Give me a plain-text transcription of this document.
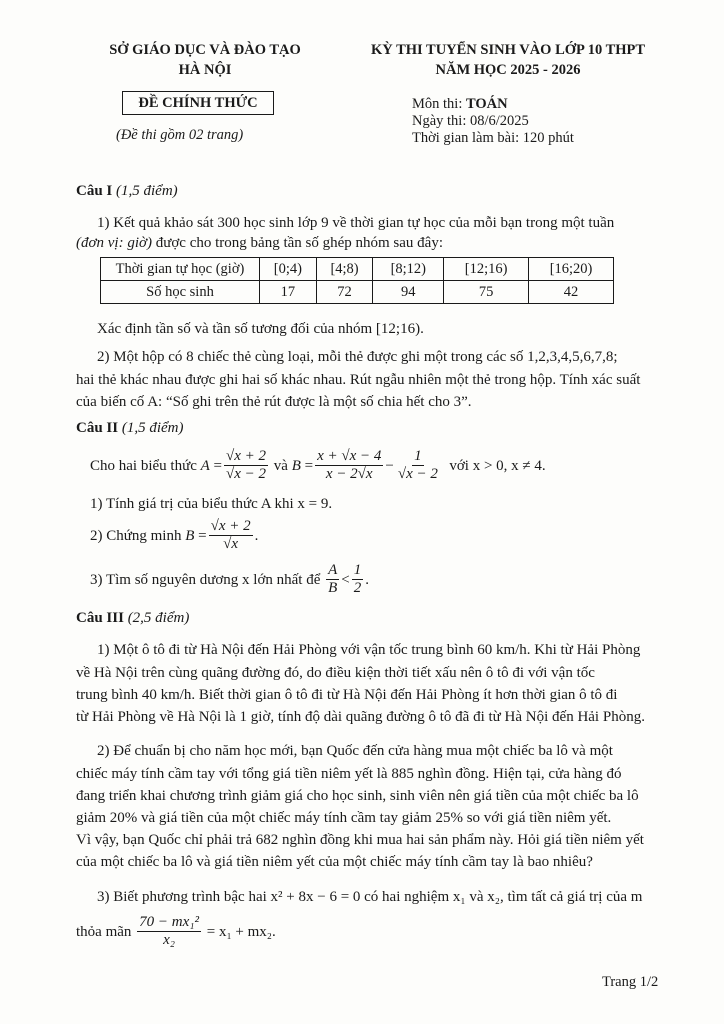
SỞ GIÁO DỤC VÀ ĐÀO TẠO
HÀ NỘI
KỲ THI TUYỂN SINH VÀO LỚP 10 THPT
NĂM HỌC 2025 - 2026
ĐỀ CHÍNH THỨC
(Đề thi gồm 02 trang)
Môn thi: TOÁN
Ngày thi: 08/6/2025
Thời gian làm bài: 120 phút
Câu I (1,5 điểm)
1) Kết quả khảo sát 300 học sinh lớp 9 về thời gian tự học của mỗi bạn trong một tuần
(đơn vị: giờ) được cho trong bảng tần số ghép nhóm sau đây:
Thời gian tự học (giờ)	[0;4)	[4;8)	[8;12)	[12;16)	[16;20)
Số học sinh	17	72	94	75	42
Xác định tần số và tần số tương đối của nhóm [12;16).
2) Một hộp có 8 chiếc thẻ cùng loại, mỗi thẻ được ghi một trong các số 1,2,3,4,5,6,7,8;
hai thẻ khác nhau được ghi hai số khác nhau. Rút ngẫu nhiên một thẻ trong hộp. Tính xác suất
của biến cố A: “Số ghi trên thẻ rút được là một số chia hết cho 3”.
Câu II (1,5 điểm)
Cho hai biểu thức
$A = \frac{√x + 2}{√x - 2}$
và
$B = \frac{x + √x - 4}{x - 2√x} - \frac{1}{√x - 2}$
với x > 0, x ≠ 4.
1) Tính giá trị của biểu thức A khi x = 9.
2) Chứng minh
$B = \frac{√x + 2}{√x}$ .
3) Tìm số nguyên dương x lớn nhất để
$\frac{A}{B} < \frac{1}{2}$ .
Câu III (2,5 điểm)
1) Một ô tô đi từ Hà Nội đến Hải Phòng với vận tốc trung bình 60 km/h. Khi từ Hải Phòng
về Hà Nội trên cùng quãng đường đó, do điều kiện thời tiết xấu nên ô tô đi với vận tốc
trung bình 40 km/h. Biết thời gian ô tô đi từ Hà Nội đến Hải Phòng ít hơn thời gian ô tô đi
từ Hải Phòng về Hà Nội là 1 giờ, tính độ dài quãng đường ô tô đã đi từ Hà Nội đến Hải Phòng.
2) Để chuẩn bị cho năm học mới, bạn Quốc đến cửa hàng mua một chiếc ba lô và một
chiếc máy tính cầm tay với tổng giá tiền niêm yết là 885 nghìn đồng. Hiện tại, cửa hàng đó
đang triển khai chương trình giảm giá cho học sinh, sinh viên nên giá tiền của một chiếc ba lô
giảm 20% và giá tiền của một chiếc máy tính cầm tay giảm 25% so với giá tiền niêm yết.
Vì vậy, bạn Quốc chỉ phải trả 682 nghìn đồng khi mua hai sản phẩm này. Hỏi giá tiền niêm yết
của một chiếc ba lô và giá tiền niêm yết của một chiếc máy tính cầm tay là bao nhiêu?
3) Biết phương trình bậc hai x² + 8x − 6 = 0 có hai nghiệm x₁ và x₂, tìm tất cả giá trị của m
thỏa mãn
$\frac{\text{70 − mx₁²}}{\text{x₂}}$
= x₁ + mx₂.
Trang 1/2
